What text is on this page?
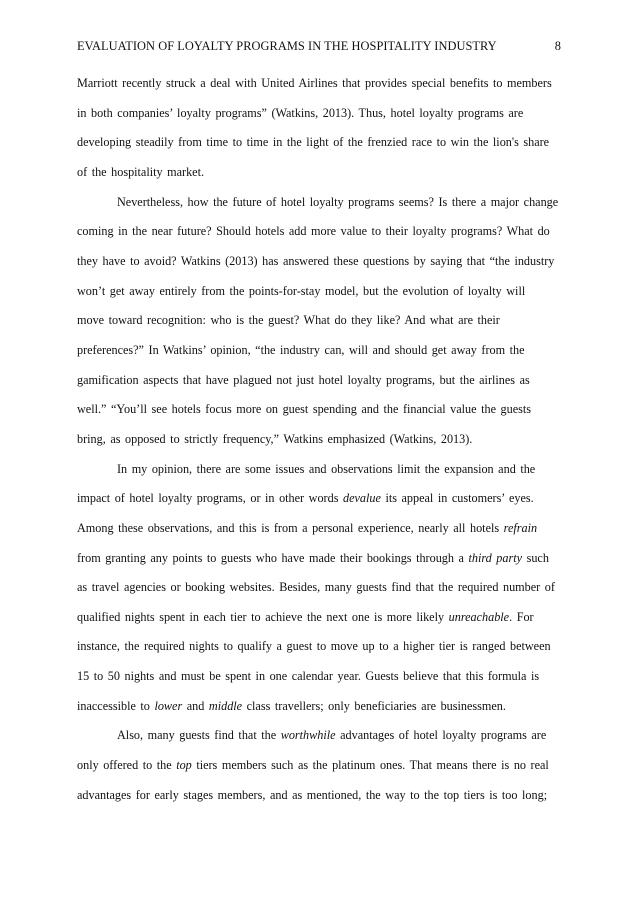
EVALUATION OF LOYALTY PROGRAMS IN THE HOSPITALITY INDUSTRY	8
Marriott recently struck a deal with United Airlines that provides special benefits to members
in both companies’ loyalty programs” (Watkins, 2013). Thus, hotel loyalty programs are
developing steadily from time to time in the light of the frenzied race to win the lion's share
of the hospitality market.
Nevertheless, how the future of hotel loyalty programs seems? Is there a major change
coming in the near future? Should hotels add more value to their loyalty programs? What do
they have to avoid? Watkins (2013) has answered these questions by saying that “the industry
won’t get away entirely from the points-for-stay model, but the evolution of loyalty will
move toward recognition: who is the guest? What do they like? And what are their
preferences?” In Watkins’ opinion, “the industry can, will and should get away from the
gamification aspects that have plagued not just hotel loyalty programs, but the airlines as
well.” “You’ll see hotels focus more on guest spending and the financial value the guests
bring, as opposed to strictly frequency,” Watkins emphasized (Watkins, 2013).
In my opinion, there are some issues and observations limit the expansion and the
impact of hotel loyalty programs, or in other words devalue its appeal in customers’ eyes.
Among these observations, and this is from a personal experience, nearly all hotels refrain
from granting any points to guests who have made their bookings through a third party such
as travel agencies or booking websites. Besides, many guests find that the required number of
qualified nights spent in each tier to achieve the next one is more likely unreachable. For
instance, the required nights to qualify a guest to move up to a higher tier is ranged between
15 to 50 nights and must be spent in one calendar year. Guests believe that this formula is
inaccessible to lower and middle class travellers; only beneficiaries are businessmen.
Also, many guests find that the worthwhile advantages of hotel loyalty programs are
only offered to the top tiers members such as the platinum ones. That means there is no real
advantages for early stages members, and as mentioned, the way to the top tiers is too long;
